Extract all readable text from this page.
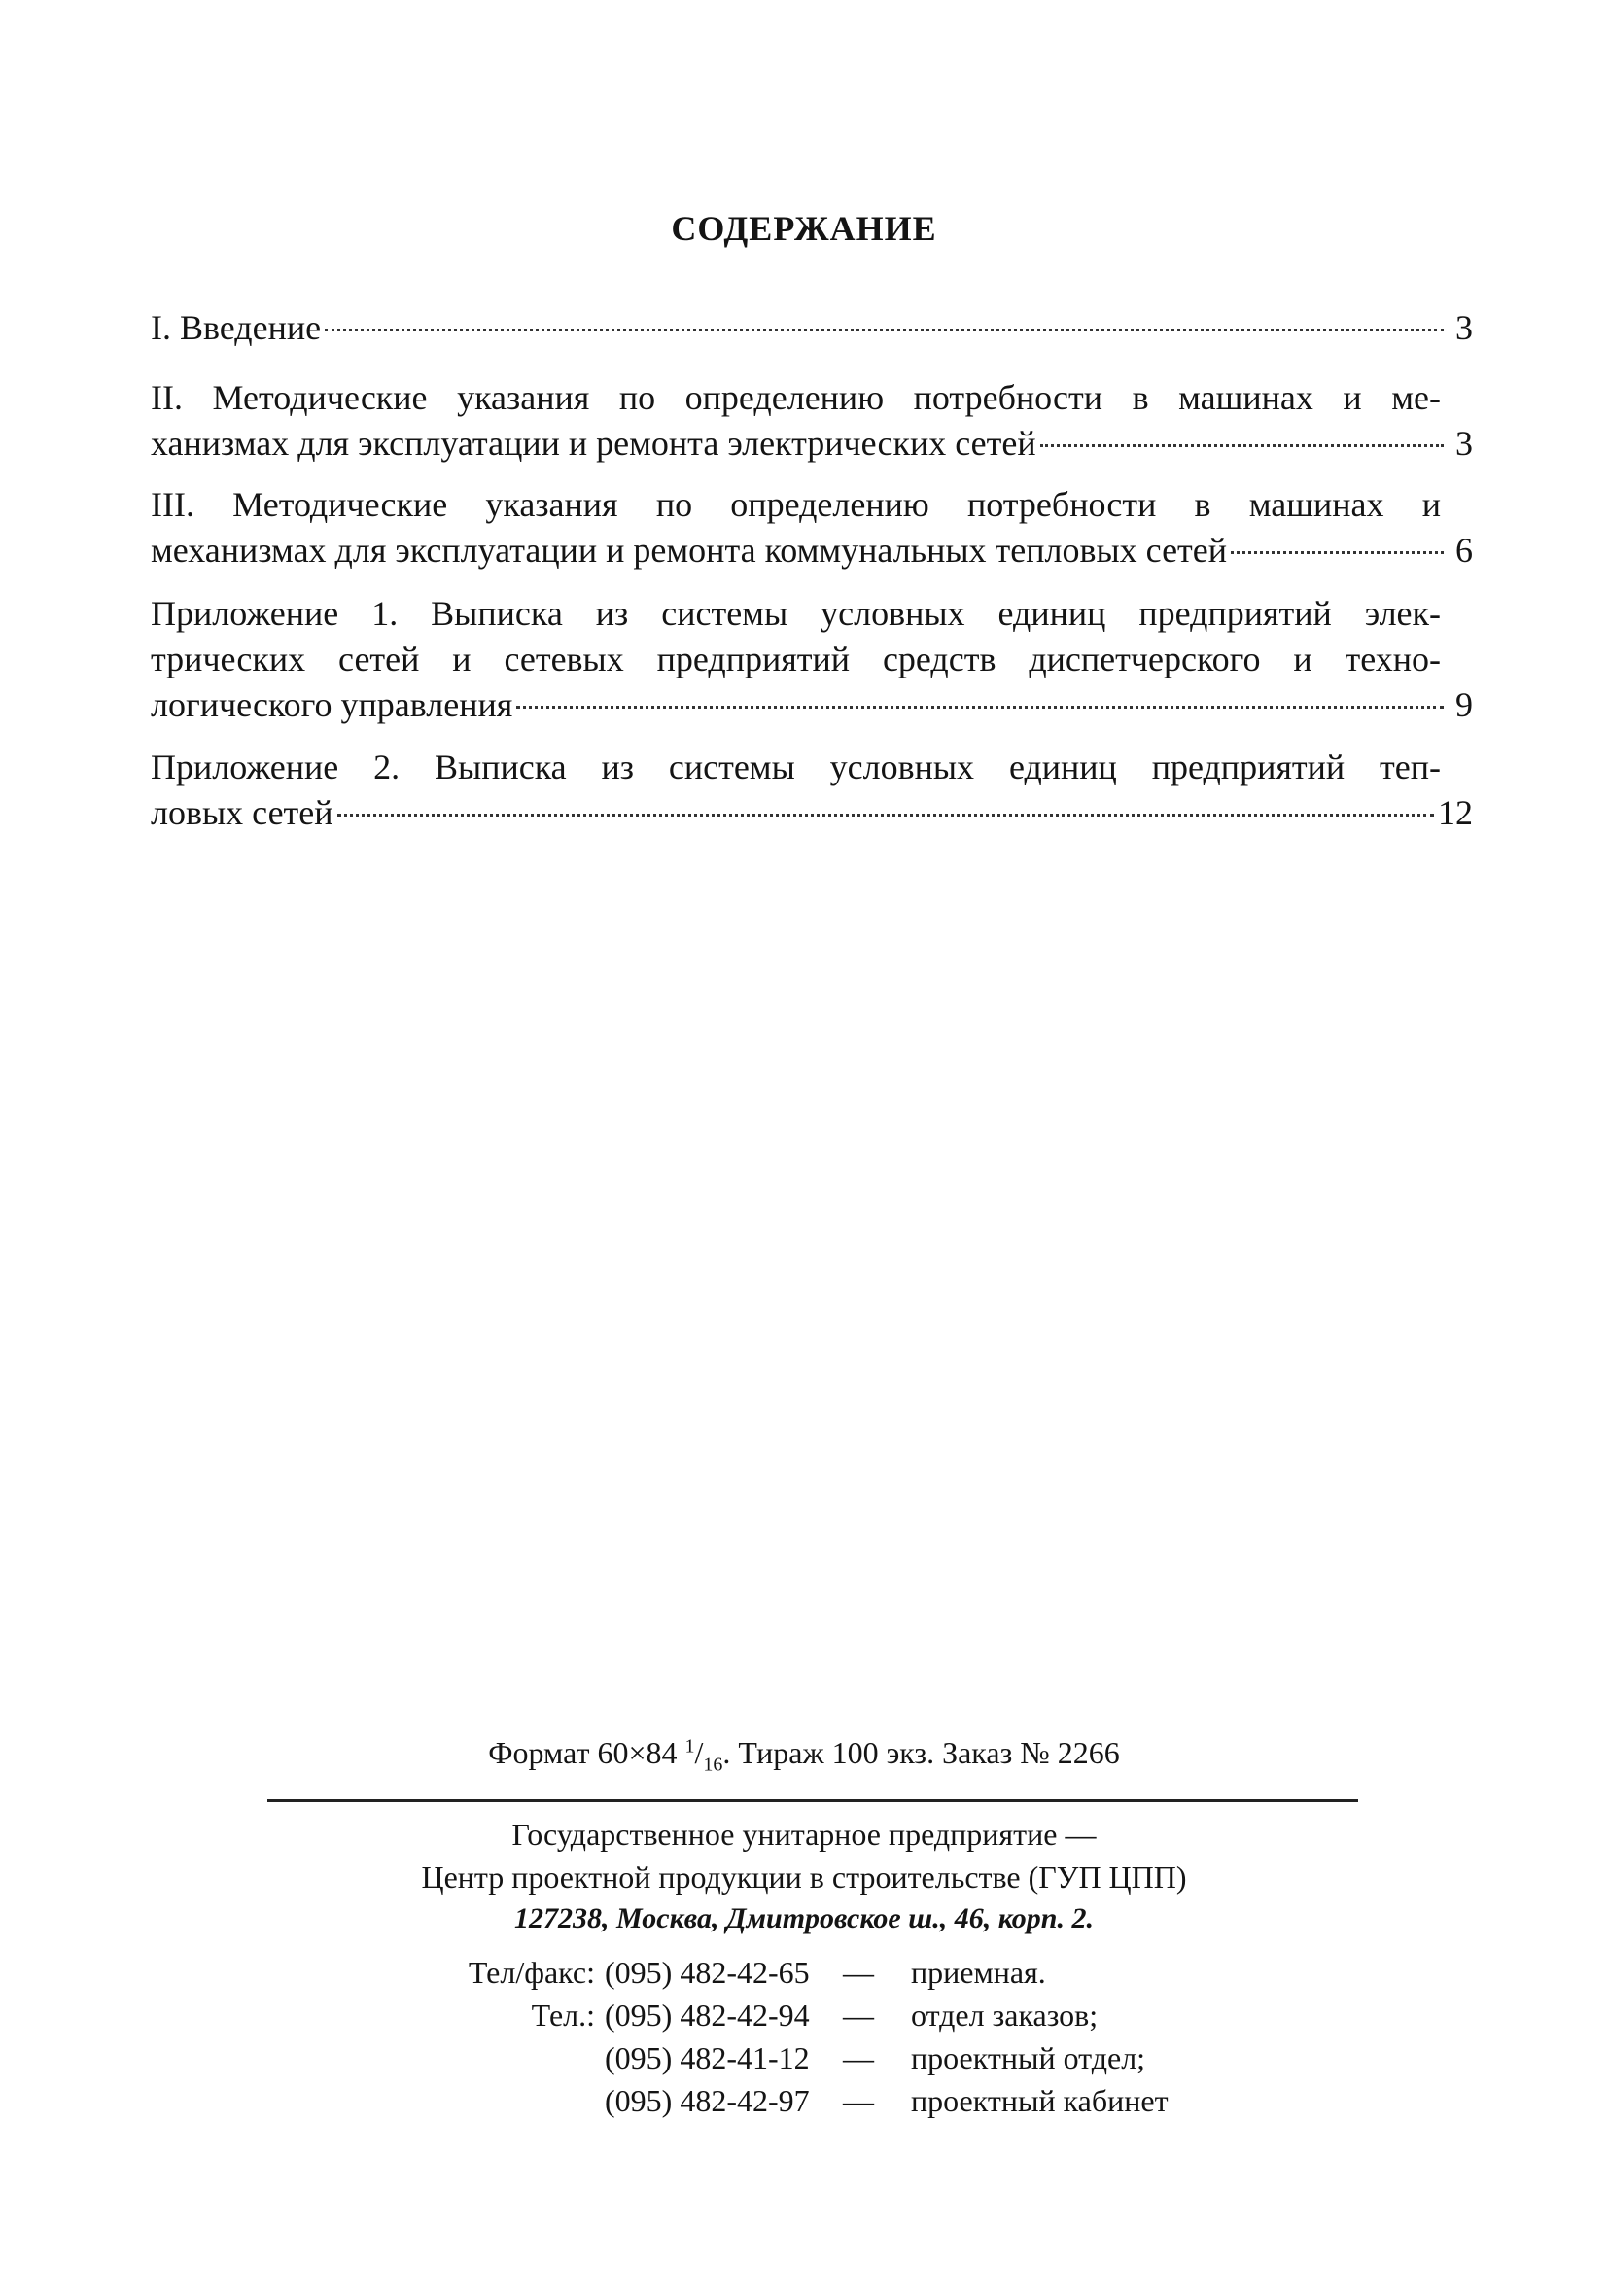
СОДЕРЖАНИЕ
I. Введение	3
II. Методические указания по определению потребности в машинах и ме-
ханизмах для эксплуатации и ремонта электрических сетей	3
III. Методические указания по определению потребности в машинах и
механизмах для эксплуатации и ремонта коммунальных тепловых сетей	6
Приложение 1. Выписка из системы условных единиц предприятий элек-
трических сетей и сетевых предприятий средств диспетчерского и техно-
логического управления	9
Приложение 2. Выписка из системы условных единиц предприятий теп-
ловых сетей	12
Формат 60×84 $^1/_{16}$. Тираж 100 экз. Заказ № 2266
Государственное унитарное предприятие —
Центр проектной продукции в строительстве (ГУП ЦПП)
127238, Москва, Дмитровское ш., 46, корп. 2.
Тел/факс: (095) 482-42-65	—	приемная.
Тел.: (095) 482-42-94	—	отдел заказов;
(095) 482-41-12	—	проектный отдел;
(095) 482-42-97	—	проектный кабинет
